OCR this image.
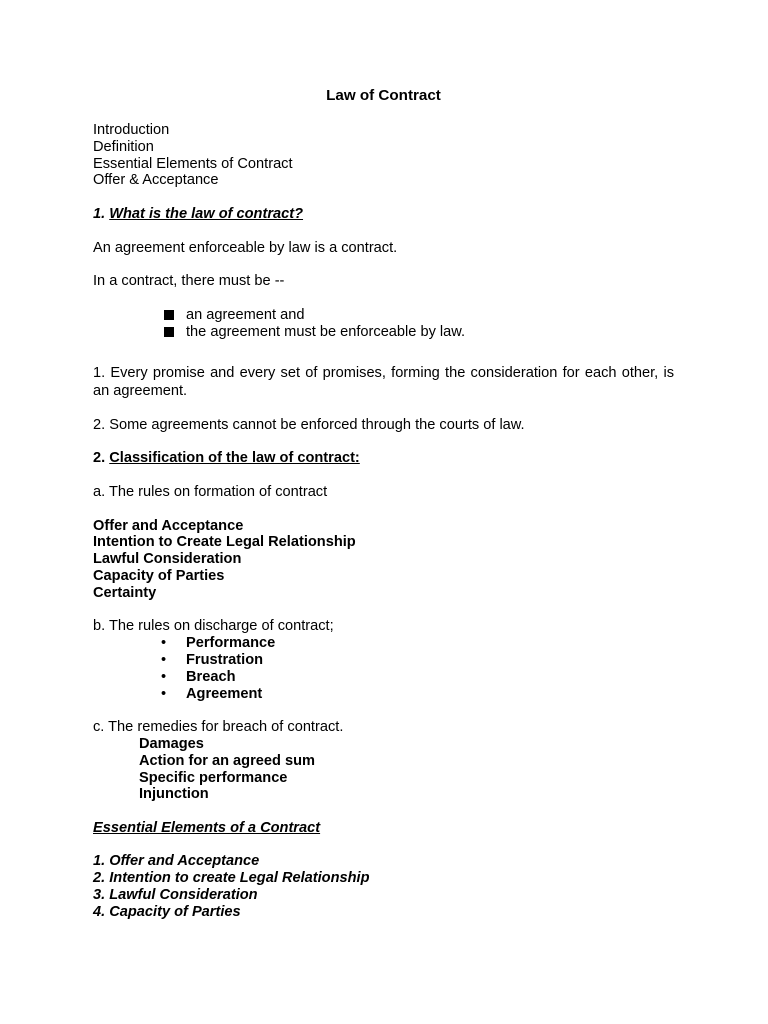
Law of Contract
Introduction
Definition
Essential Elements of Contract
Offer & Acceptance
1. What is the law of contract?
An agreement enforceable by law is a contract.
In a contract, there must be --
an agreement and
the agreement must be enforceable by law.
1. Every promise and every set of promises, forming the consideration for each other, is an agreement.
2. Some agreements cannot be enforced through the courts of law.
2. Classification of the law of contract:
a. The rules on formation of contract
Offer and Acceptance
Intention to Create Legal Relationship
Lawful Consideration
Capacity of Parties
Certainty
b. The rules on discharge of contract;
•	Performance
•	Frustration
•	Breach
•	Agreement
c. The remedies for breach of contract.
Damages
Action for an agreed sum
Specific performance
Injunction
Essential Elements of a Contract
1. Offer and Acceptance
2. Intention to create Legal Relationship
3. Lawful Consideration
4. Capacity of Parties
